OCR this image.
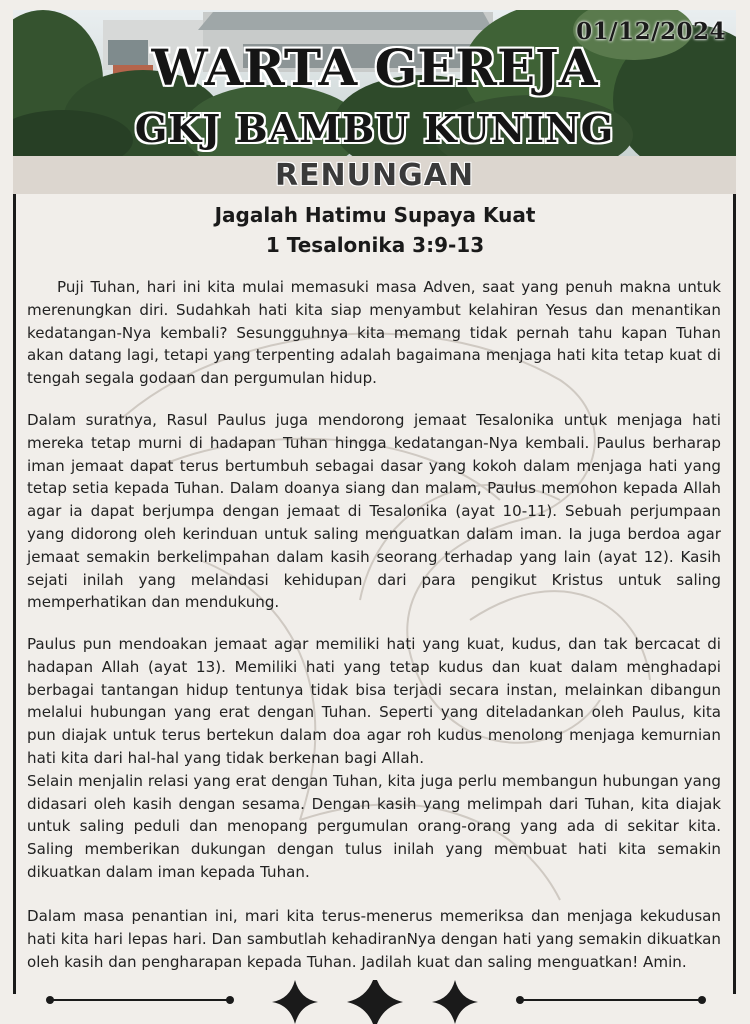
01/12/2024
WARTA GEREJA
GKJ BAMBU KUNING
RENUNGAN
Jagalah Hatimu Supaya Kuat
1 Tesalonika 3:9-13

Puji Tuhan, hari ini kita mulai memasuki masa Adven, saat yang penuh makna untuk merenungkan diri. Sudahkah hati kita siap menyambut kelahiran Yesus dan menantikan kedatangan-Nya kembali? Sesungguhnya kita memang tidak pernah tahu kapan Tuhan akan datang lagi, tetapi yang terpenting adalah bagaimana menjaga hati kita tetap kuat di tengah segala godaan dan pergumulan hidup.

Dalam suratnya, Rasul Paulus juga mendorong jemaat Tesalonika untuk menjaga hati mereka tetap murni di hadapan Tuhan hingga kedatangan-Nya kembali. Paulus berharap iman jemaat dapat terus bertumbuh sebagai dasar yang kokoh dalam menjaga hati yang tetap setia kepada Tuhan. Dalam doanya siang dan malam, Paulus memohon kepada Allah agar ia dapat berjumpa dengan jemaat di Tesalonika (ayat 10-11). Sebuah perjumpaan yang didorong oleh kerinduan untuk saling menguatkan dalam iman. Ia juga berdoa agar jemaat semakin berkelimpahan dalam kasih seorang terhadap yang lain (ayat 12). Kasih sejati inilah yang melandasi kehidupan dari para pengikut Kristus untuk saling memperhatikan dan mendukung.

Paulus pun mendoakan jemaat agar memiliki hati yang kuat, kudus, dan tak bercacat di hadapan Allah (ayat 13). Memiliki hati yang tetap kudus dan kuat dalam menghadapi berbagai tantangan hidup tentunya tidak bisa terjadi secara instan, melainkan dibangun melalui hubungan yang erat dengan Tuhan. Seperti yang diteladankan oleh Paulus, kita pun diajak untuk terus bertekun dalam doa agar roh kudus menolong menjaga kemurnian hati kita dari hal-hal yang tidak berkenan bagi Allah.

Selain menjalin relasi yang erat dengan Tuhan, kita juga perlu membangun hubungan yang didasari oleh kasih dengan sesama. Dengan kasih yang melimpah dari Tuhan, kita diajak untuk saling peduli dan menopang pergumulan orang-orang yang ada di sekitar kita. Saling memberikan dukungan dengan tulus inilah yang membuat hati kita semakin dikuatkan dalam iman kepada Tuhan.

Dalam masa penantian ini, mari kita terus-menerus memeriksa dan menjaga kekudusan hati kita hari lepas hari. Dan sambutlah kehadiranNya dengan hati yang semakin dikuatkan oleh kasih dan pengharapan kepada Tuhan. Jadilah kuat dan saling menguatkan! Amin.
